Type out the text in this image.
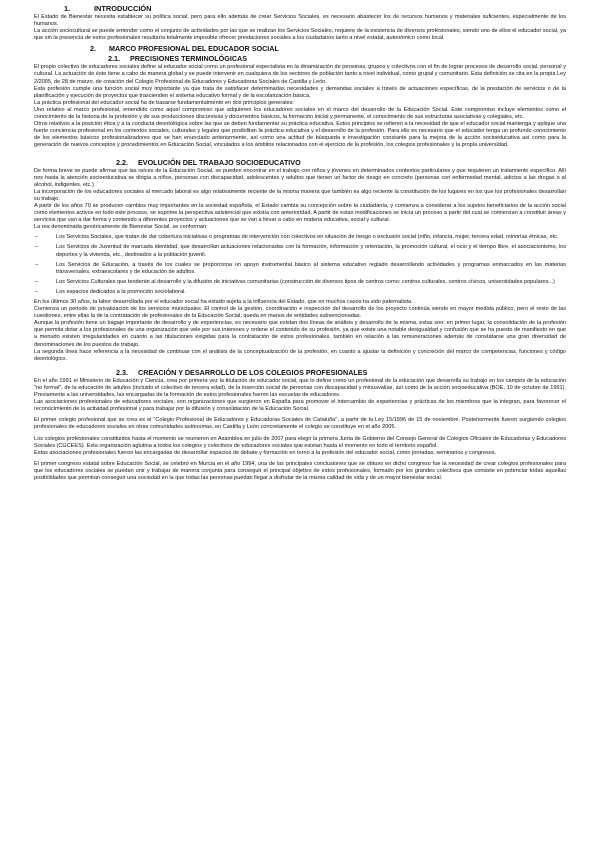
1.	INTRODUCCIÓN

El Estado de Bienestar necesita establecer su política social, pero para ello además de crear Servicios Sociales, es necesario abastecer los de recursos humanos y materiales suficientes, especialmente de los humanos.

La acción sociocultural se puede entender como el conjunto de actividades por las que se realizan los Servicios Sociales, requiere de la existencia de diversos profesionales, siendo uno de ellos el educador social, ya que sin la presencia de estos profesionales resultaría totalmente imposible ofrecer prestaciones sociales a los ciudadanos tanto a nivel estatal, autonómico como local.

2. MARCO PROFESIONAL DEL EDUCADOR SOCIAL
2.1. PRECISIONES TERMINOLÓGICAS

El propio colectivo de educadores sociales define al educador social como un profesional especialista en la dinamización de personas, grupos y colectivos con el fin de lograr procesos de desarrollo social, personal y cultural. La actuación de éste tiene a cabo de manera global y se puede intervenir en cualquiera de los sectores de población tanto a nivel individual, como grupal y comunitario. Esta definición se cita en la propia Ley 2/2005, de 28 de marzo, de creación del Colegio Profesional de Educadores y Educadoras Sociales de Castilla y León.

Esta profesión cumple una función social muy importante ya que trata de satisfacer determinadas necesidades y demandas sociales a través de actuaciones específicas, de la prestación de servicios o de la planificación y ejecución de proyectos que trascienden el sistema educativo formal y de la escolarización básica.

La práctica profesional del educador social ha de basarse fundamentalmente en dos principios generales:

Uno relativo al marco profesional, entendido como aquel compromiso que adquieren los educadores sociales en el marco del desarrollo de la Educación Social. Este compromiso incluye elementos como el conocimiento de la historia de la profesión y de sus producciones discursivas y documentos básicos, la formación inicial y permanente, el conocimiento de sus estructuras asociativas y colegiales, etc.

Otros relativos a la posición ética y a la conducta deontológica sobre las que se deben fundamentar su práctica educativa. Estos principios se refieren a la necesidad de que el educador social mantenga y aplique una fuerte conciencia profesional en los contextos sociales, culturales y legales que posibilitan la práctica educativa y el desarrollo de la profesión. Para ello es necesario que el educador tenga un profundo conocimiento de los elementos básicos profesionalizadores que se han enunciado anteriormente, así como una actitud de búsqueda e investigación constante para la mejora de la acción socioeducativa así como para la generación de nuevos conceptos y procedimientos en Educación Social, vinculados a los ámbitos relacionados con el ejercicio de la profesión, los colegios profesionales y la propia universidad.

2.2. EVOLUCIÓN DEL TRABAJO SOCIOEDUCATIVO

De forma breve se puede afirmar que las raíces de la Educación Social, se pueden encontrar en el trabajo con niños y jóvenes en determinados contextos particulares y que requieren un tratamiento específico. Allí nos hasta la atención socioeducativa se dirigía a niños, personas con discapacidad, adolescentes y adultos que tienen un factor de riesgo en concreto (personas con enfermedad mental, adictos a las drogas o al alcohol, indigentes, etc.)

La incorporación de los educadores sociales al mercado laboral es algo relativamente reciente de la misma manera que también es algo reciente la constitución de los lugares en los que los profesionales desarrollan su trabajo.

A partir de los años 70 se producen cambios muy importantes en la sociedad española, el Estado cambia su concepción sobre la ciudadanía, y comienza a considerar a los sujetos beneficiarios de la acción social como elementos activos en todo este proceso, se suprime la perspectiva asistencial que existía con anterioridad. A partir de estas modificaciones se inicia un proceso a partir del cual se comienzan a constituir áreas y servicios que van a dar forma y contenido a diferentes proyectos y actuaciones que se van a llevar a cabo en materia educativa, social y cultural.

La rea denominada genéricamente de Bienestar Social, se conforman:

– Los Servicios Sociales, que tratan de dar cobertura iniciativas o programas de intervención con colectivos en situación de riesgo o exclusión social (niño, infancia, mujer, tercera edad, minorías étnicas, etc.
– Los Servicios de Juventud de marcada identidad, que desarrollan actuaciones relacionadas con la formación, información y orientación, la promoción cultural, el ocio y el tiempo libre, el asociacionismo, los deportes y la vivienda, etc., destinados a la población juvenil.
– Los Servicios de Educación, a través de los cuales se proporciona un apoyo instrumental básico al sistema educativo reglado desarrollando actividades y programas enmarcados en las materias transversales, extraescolares y de educación de adultos.
– Los Servicios Culturales que tenderán al desarrollo y la difusión de iniciativas comunitarias (construcción de diversos tipos de centros como: centros culturales, centros cívicos, universidades populares...)
– Los espacios dedicados a la promoción sociolaboral.

En los últimos 30 años, la labor desarrollada por el educador social ha estado sujeta a la influencia del Estado, que en muchos casos ha sido paternalista.

Comienza un periodo de privatización de los servicios municipales. El control de la gestión, coordinación e inspección del desarrollo de los proyecto continúa siendo en mayor medida público, pero el resto de las cuestiones, entre ellas la de la contratación de profesionales de la Educación Social, queda en manos de entidades subvencionadas.

Aunque la profesión tiene un bagaje importante de desarrollo y de experiencias, es necesario que existan dos líneas de análisis y desarrollo de la misma, estas son: en primer lugar, la consolidación de la profesión que permita dotar a los profesionales de una organización que vele por sus intereses y ordene el contenido de su profesión, ya que existe una notable desigualdad y confusión que se ha puesto de manifiesto en que a menudo existen irregularidades en cuanto a las titulaciones exigidas para la contratación de estos profesionales, también en relación a las remuneraciones además de constatarse una gran diversidad de denominaciones de los puestos de trabajo.

La segunda línea hace referencia a la necesidad de continuar con el análisis de la conceptualización de la profesión, en cuanto a ajustar la definición y concreción del marco de competencias, funciones y código deontológico.

2.3. CREACIÓN Y DESARROLLO DE LOS COLEGIOS PROFESIONALES

En el año 1991 el Ministerio de Educación y Ciencia, crea por primera vez la titulación de educador social, que lo define como un profesional de la educación que desarrolla su trabajo en los campos de la educación "no formal", de la educación de adultos (incluido el colectivo de tercera edad), de la inserción social de personas con discapacidad y minusvalías, así como de la acción socioeducativa (BOE, 10 de octubre de 1991). Previamente a las universidades, las encargadas de la formación de estos profesionales fueron las escuelas de educadores.

Las asociaciones profesionales de educadores sociales, son organizaciones que surgieron en España para promover el intercambio de experiencias y prácticas de los miembros que la integran, para favorecer el reconocimiento de la actividad profesional y para trabajar por la difusión y consolidación de la Educación Social.

El primer colegio profesional que se crea es el "Colegio Profesional de Educadores y Educadoras Sociales de Cataluña", a partir de la Ley 15/1996 de 15 de noviembre. Posteriormente fueron surgiendo colegios profesionales de educadores sociales en otras comunidades autónomas, en Castilla y León concretamente el colegio se constituye en el año 2005.

Los colegios profesionales constituidos hasta el momento se reunieron en Asamblea en julio de 2007 para elegir la primera Junta de Gobierno del Consejo General de Colegios Oficiales de Educadoras y Educadores Sociales (CGCEES). Esta organización aglutina a todos los colegios y colectivos de educadores sociales que existan hasta el momento en todo el territorio español.

Estas asociaciones profesionales fueron las encargadas de desarrollar espacios de debate y formación en torno a la profesión del educador social, como jornadas, seminarios y congresos.

El primer congreso estatal sobre Educación Social, se celebró en Murcia en el año 1994, una de las principales conclusiones que se obtuvo en dicho congreso fue la necesidad de crear colegios profesionales para que los educadores sociales se puedan unir y trabajar de manera conjunta para conseguir el principal objetivo de estos profesionales, formado por los grandes colectivos que consiste en potenciar todas aquellas posibilidades que permitan conseguir una sociedad en la que todas las personas puedan llegar a disfrutar de la misma calidad de vida y de un mayor bienestar social.
